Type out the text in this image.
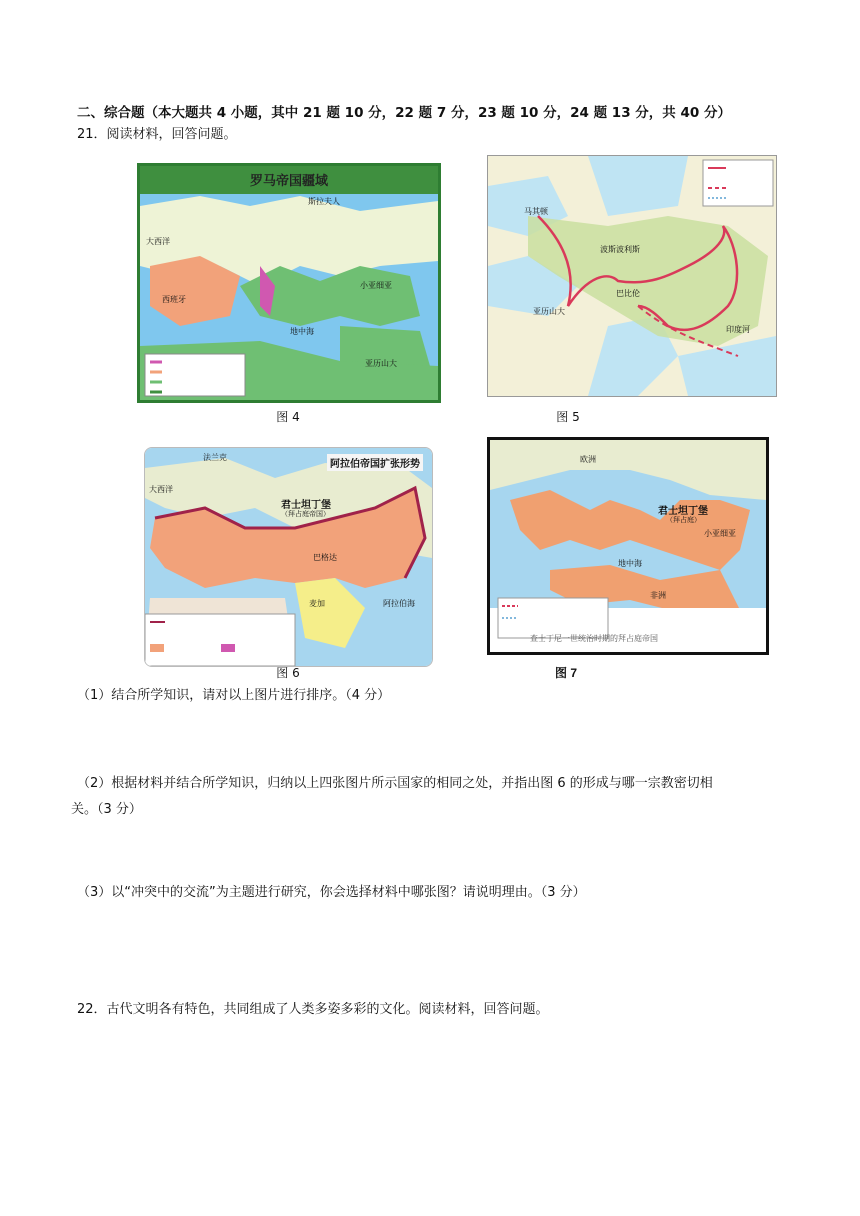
二、综合题（本大题共 4 小题，其中 21 题 10 分，22 题 7 分，23 题 10 分，24 题 13 分，共 40 分）
21．阅读材料，回答问题。
罗马帝国疆域
斯拉夫人
大西洋
西班牙
小亚细亚
地中海
亚历山大
图 4
马其顿
波斯波利斯
巴比伦
亚历山大
印度河
图 5
阿拉伯帝国扩张形势
法兰克
君士坦丁堡
（拜占庭帝国）
巴格达
麦加	阿拉伯海
大西洋
图 6
欧洲
君士坦丁堡
（拜占庭）
小亚细亚
地中海
非洲
查士丁尼一世统治时期的拜占庭帝国
图 7
（1）结合所学知识，请对以上图片进行排序。（4 分）
（2）根据材料并结合所学知识，归纳以上四张图片所示国家的相同之处，并指出图 6 的形成与哪一宗教密切相
关。（3 分）
（3）以“冲突中的交流”为主题进行研究，你会选择材料中哪张图？请说明理由。（3 分）
22．古代文明各有特色，共同组成了人类多姿多彩的文化。阅读材料，回答问题。
